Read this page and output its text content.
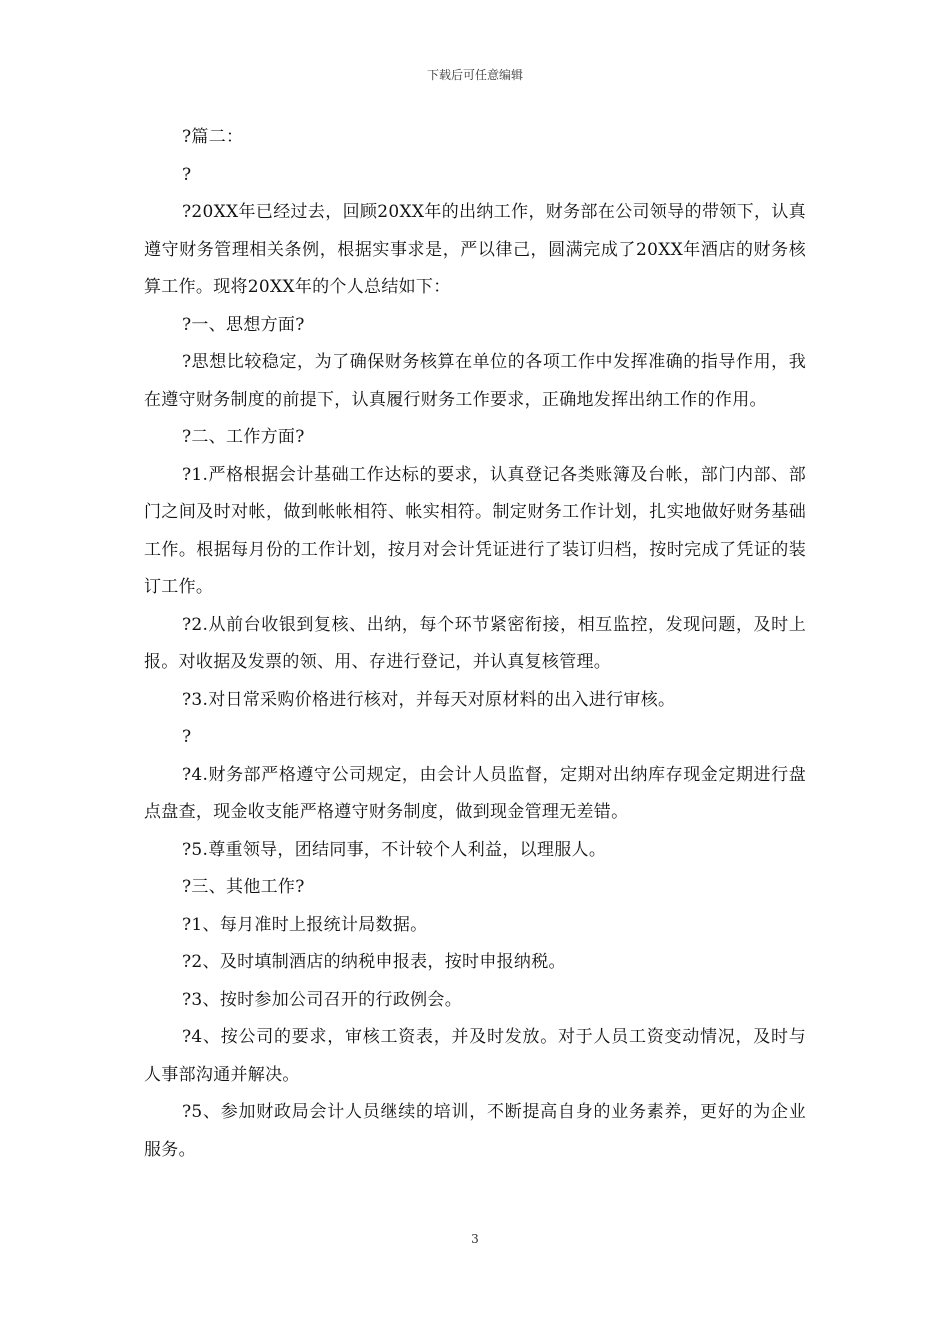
下载后可任意编辑

?篇二：

?

?20XX年已经过去，回顾20XX年的出纳工作，财务部在公司领导的带领下，认真遵守财务管理相关条例，根据实事求是，严以律己，圆满完成了20XX年酒店的财务核算工作。现将20XX年的个人总结如下：

?一、思想方面?

?思想比较稳定，为了确保财务核算在单位的各项工作中发挥准确的指导作用，我在遵守财务制度的前提下，认真履行财务工作要求，正确地发挥出纳工作的作用。

?二、工作方面?

?1.严格根据会计基础工作达标的要求，认真登记各类账簿及台帐，部门内部、部门之间及时对帐，做到帐帐相符、帐实相符。制定财务工作计划，扎实地做好财务基础工作。根据每月份的工作计划，按月对会计凭证进行了装订归档，按时完成了凭证的装订工作。

?2.从前台收银到复核、出纳，每个环节紧密衔接，相互监控，发现问题，及时上报。对收据及发票的领、用、存进行登记，并认真复核管理。

?3.对日常采购价格进行核对，并每天对原材料的出入进行审核。

?

?4.财务部严格遵守公司规定，由会计人员监督，定期对出纳库存现金定期进行盘点盘查，现金收支能严格遵守财务制度，做到现金管理无差错。

?5.尊重领导，团结同事，不计较个人利益，以理服人。

?三、其他工作?

?1、每月准时上报统计局数据。

?2、及时填制酒店的纳税申报表，按时申报纳税。

?3、按时参加公司召开的行政例会。

?4、按公司的要求，审核工资表，并及时发放。对于人员工资变动情况，及时与人事部沟通并解决。

?5、参加财政局会计人员继续的培训，不断提高自身的业务素养，更好的为企业服务。

3
